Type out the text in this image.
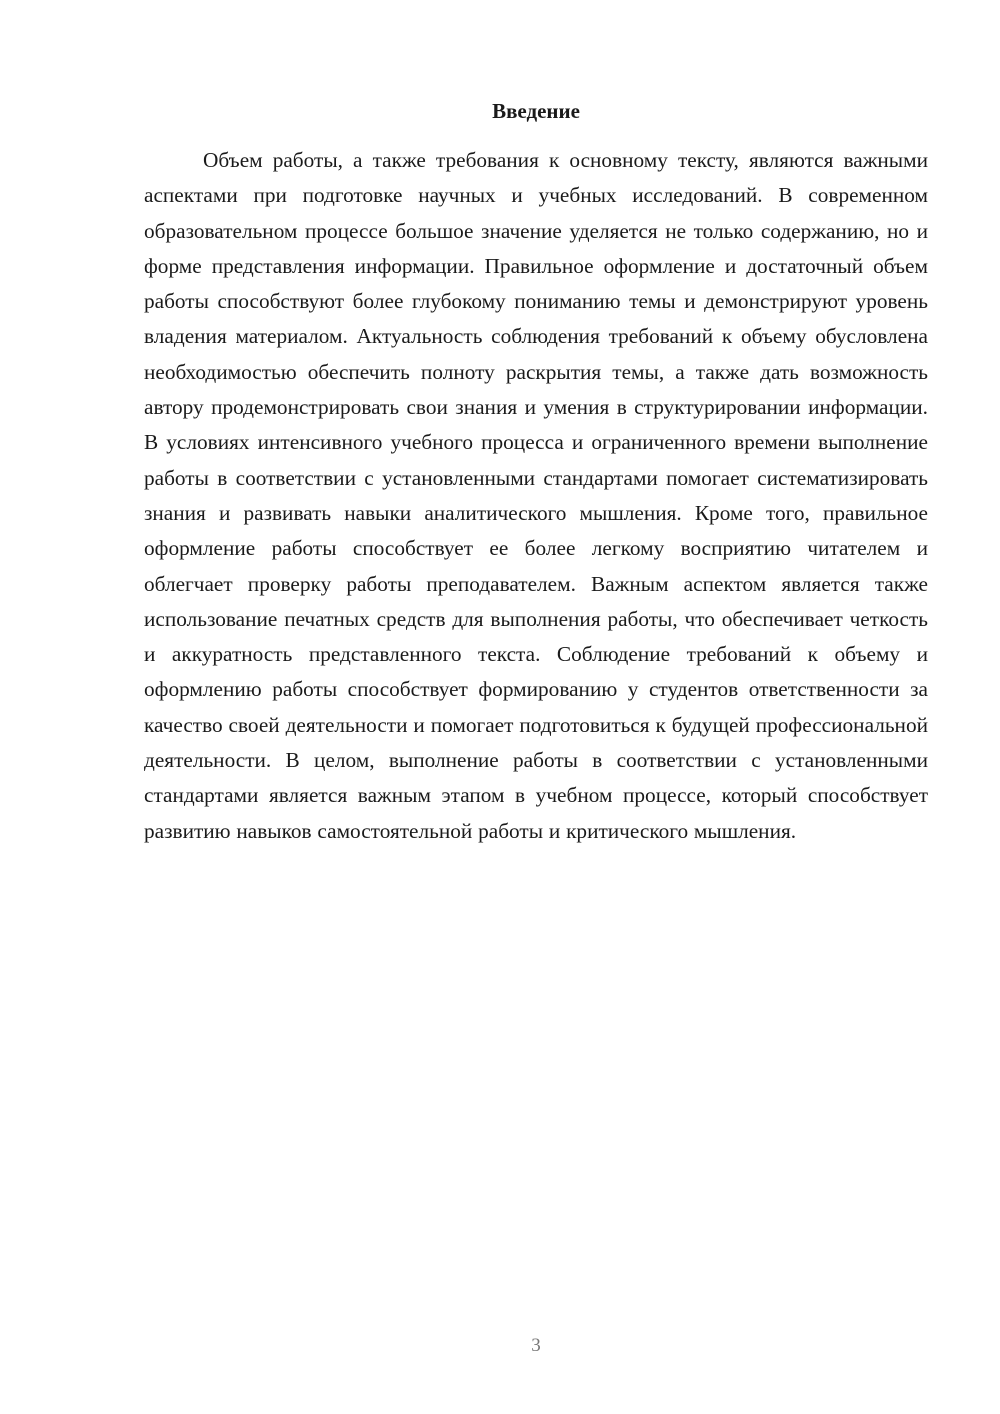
Введение

Объем работы, а также требования к основному тексту, являются важными аспектами при подготовке научных и учебных исследований. В современном образовательном процессе большое значение уделяется не только содержанию, но и форме представления информации. Правильное оформление и достаточный объем работы способствуют более глубокому пониманию темы и демонстрируют уровень владения материалом. Актуальность соблюдения требований к объему обусловлена необходимостью обеспечить полноту раскрытия темы, а также дать возможность автору продемонстрировать свои знания и умения в структурировании информации. В условиях интенсивного учебного процесса и ограниченного времени выполнение работы в соответствии с установленными стандартами помогает систематизировать знания и развивать навыки аналитического мышления. Кроме того, правильное оформление работы способствует ее более легкому восприятию читателем и облегчает проверку работы преподавателем. Важным аспектом является также использование печатных средств для выполнения работы, что обеспечивает четкость и аккуратность представленного текста. Соблюдение требований к объему и оформлению работы способствует формированию у студентов ответственности за качество своей деятельности и помогает подготовиться к будущей профессиональной деятельности. В целом, выполнение работы в соответствии с установленными стандартами является важным этапом в учебном процессе, который способствует развитию навыков самостоятельной работы и критического мышления.

3
